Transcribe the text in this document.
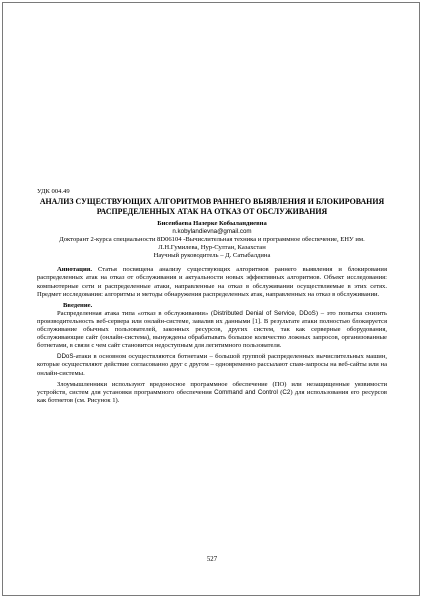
УДК 004.49

АНАЛИЗ СУЩЕСТВУЮЩИХ АЛГОРИТМОВ РАННЕГО ВЫЯВЛЕНИЯ И БЛОКИРОВАНИЯ РАСПРЕДЕЛЕННЫХ АТАК НА ОТКАЗ ОТ ОБСЛУЖИВАНИЯ

Бисенбаева Назерке Кобыландиевна

n.kobylandievna@gmail.com

Докторант 2-курса специальности 8D06104 -Вычислительная техника и программное обеспечение, ЕНУ им. Л.Н.Гумилева, Нур-Султан, Казахстан

Научный руководитель – Д. Сатыбалдина

Аннотация. Статья посвящена анализу существующих алгоритмов раннего выявления и блокирования распределенных атак на отказ от обслуживания и актуальности новых эффективных алгоритмов. Объект исследования: компьютерные сети и распределенные атаки, направленные на отказ в обслуживании осуществляемые в этих сетях. Предмет исследования: алгоритмы и методы обнаружения распределенных атак, направленных на отказ в обслуживании.

Введение.

Распределенная атака типа «отказ в обслуживании» (Distributed Denial of Service, DDoS) – это попытка снизить производительность веб-сервера или онлайн-системе, завалив их данными [1]. В результате атаки полностью блокируется обслуживание обычных пользователей, законных ресурсов, других систем, так как серверные оборудования, обслуживающие сайт (онлайн-система), вынуждены обрабатывать большое количество ложных запросов, организованные ботнетами, в связи с чем сайт становится недоступным для легитимного пользователя.

DDoS-атаки в основном осуществляются ботнетами – большой группой распределенных вычислительных машин, которые осуществляют действие согласованно друг с другом – одновременно рассылают спам-запросы на веб-сайты или на онлайн-системы.

Злоумышленники используют вредоносное программное обеспечение (ПО) или незащищенные уязвимости устройств, систем для установки программного обеспечения Command and Control (C2) для использования его ресурсов как ботнетов (см. Рисунок 1).

527
